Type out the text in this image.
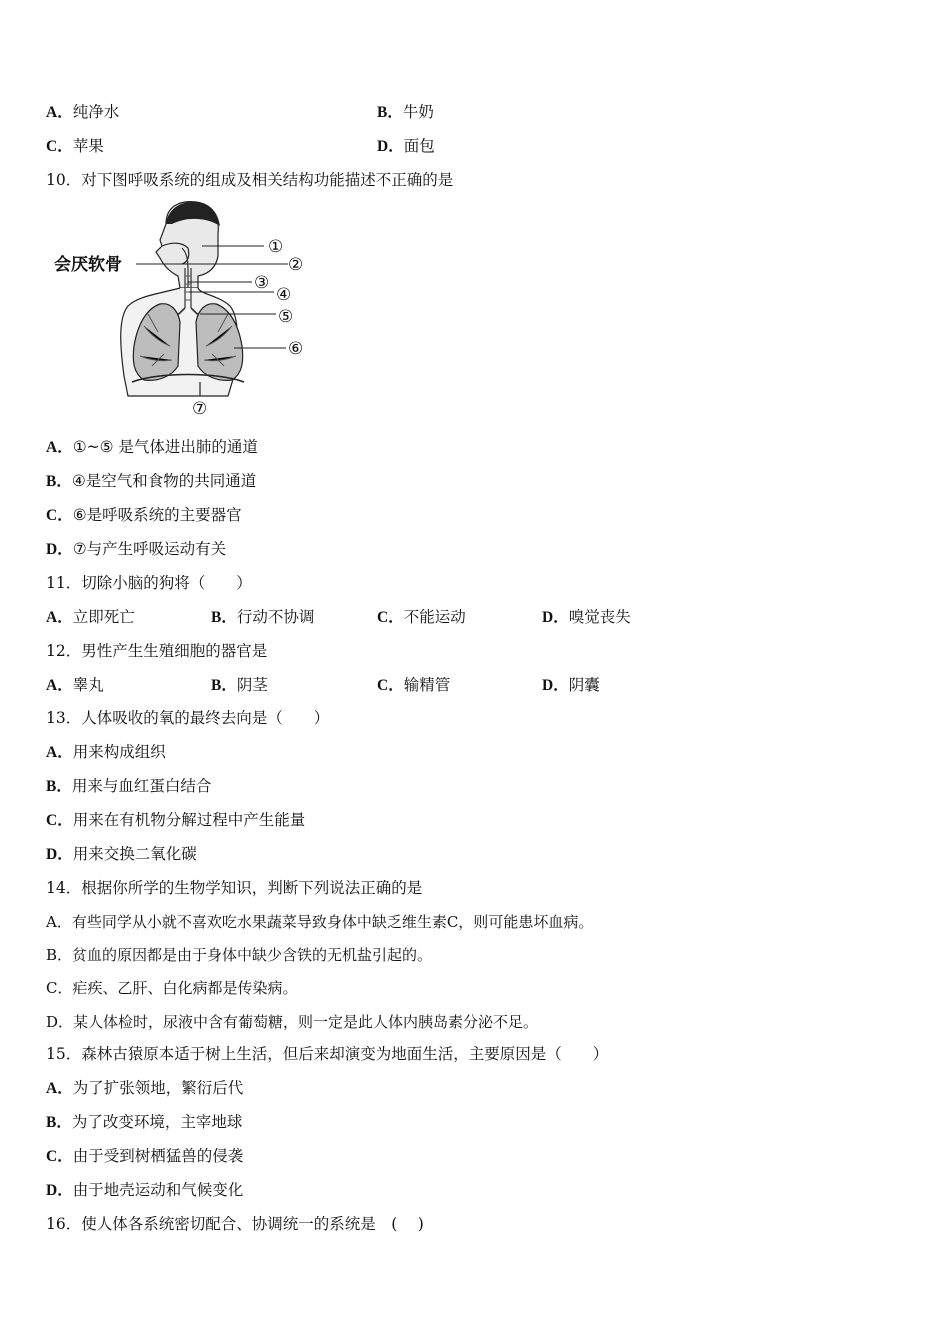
A．纯净水	B．牛奶
C．苹果	D．面包
10．对下图呼吸系统的组成及相关结构功能描述不正确的是
①
②
③
④
⑤
⑥
⑦
会厌软骨
A．①~⑤ 是气体进出肺的通道
B．④是空气和食物的共同通道
C．⑥是呼吸系统的主要器官
D．⑦与产生呼吸运动有关
11．切除小脑的狗将（　　）
A．立即死亡	B．行动不协调	C．不能运动	D．嗅觉丧失
12．男性产生生殖细胞的器官是
A．睾丸	B．阴茎	C．输精管	D．阴囊
13．人体吸收的氧的最终去向是（　　）
A．用来构成组织
B．用来与血红蛋白结合
C．用来在有机物分解过程中产生能量
D．用来交换二氧化碳
14．根据你所学的生物学知识，判断下列说法正确的是
A．有些同学从小就不喜欢吃水果蔬菜导致身体中缺乏维生素C，则可能患坏血病。
B．贫血的原因都是由于身体中缺少含铁的无机盐引起的。
C．疟疾、乙肝、白化病都是传染病。
D．某人体检时，尿液中含有葡萄糖，则一定是此人体内胰岛素分泌不足。
15．森林古猿原本适于树上生活，但后来却演变为地面生活，主要原因是（　　）
A．为了扩张领地，繁衍后代
B．为了改变环境，主宰地球
C．由于受到树栖猛兽的侵袭
D．由于地壳运动和气候变化
16．使人体各系统密切配合、协调统一的系统是　(　 )
